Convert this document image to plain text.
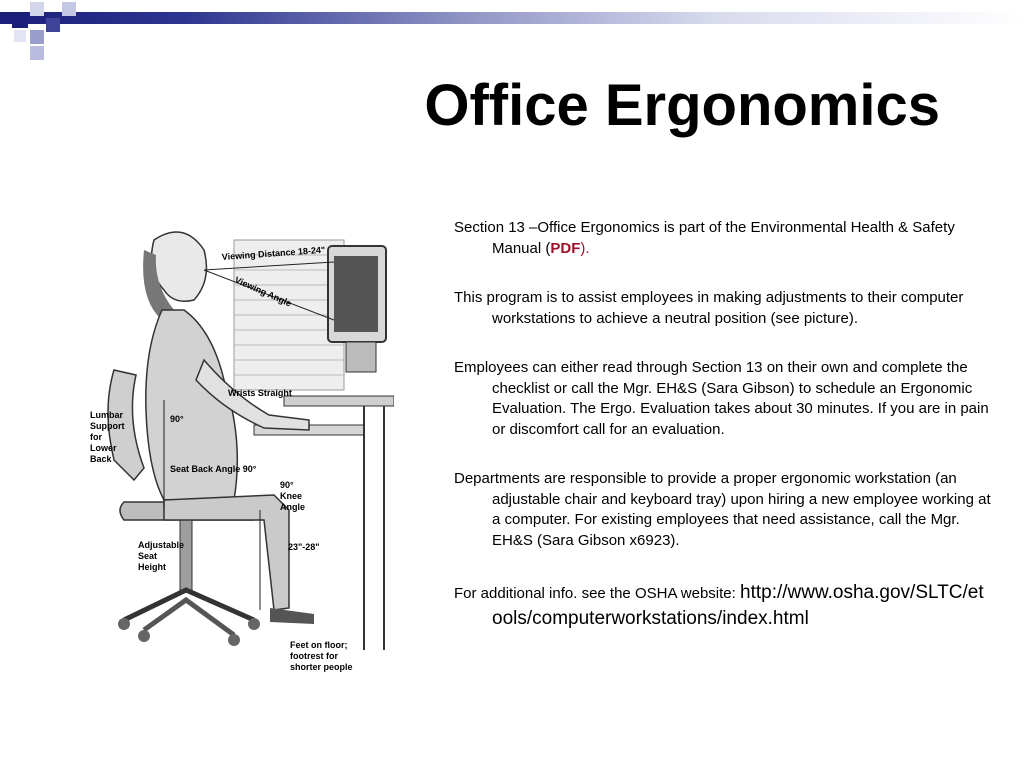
Office Ergonomics
Viewing Distance 18-24"
Viewing Angle
Wrists Straight
90°
Lumbar
Support
for
Lower
Back
Seat Back Angle 90°
90°
Knee
Angle
23"-28"
Adjustable
Seat
Height
Feet on floor;
footrest for
shorter people

Section 13 –Office Ergonomics is part of the Environmental Health & Safety Manual (PDF).

This program is to assist employees in making adjustments to their computer workstations to achieve a neutral position (see picture).

Employees can either read through Section 13 on their own and complete the checklist or call the Mgr. EH&S (Sara Gibson) to schedule an Ergonomic Evaluation. The Ergo. Evaluation takes about 30 minutes. If you are in pain or discomfort call for an evaluation.

Departments are responsible to provide a proper ergonomic workstation (an adjustable chair and keyboard tray) upon hiring a new employee working at a computer. For existing employees that need assistance, call the Mgr. EH&S (Sara Gibson x6923).

For additional info. see the OSHA website: http://www.osha.gov/SLTC/etools/computerworkstations/index.html
